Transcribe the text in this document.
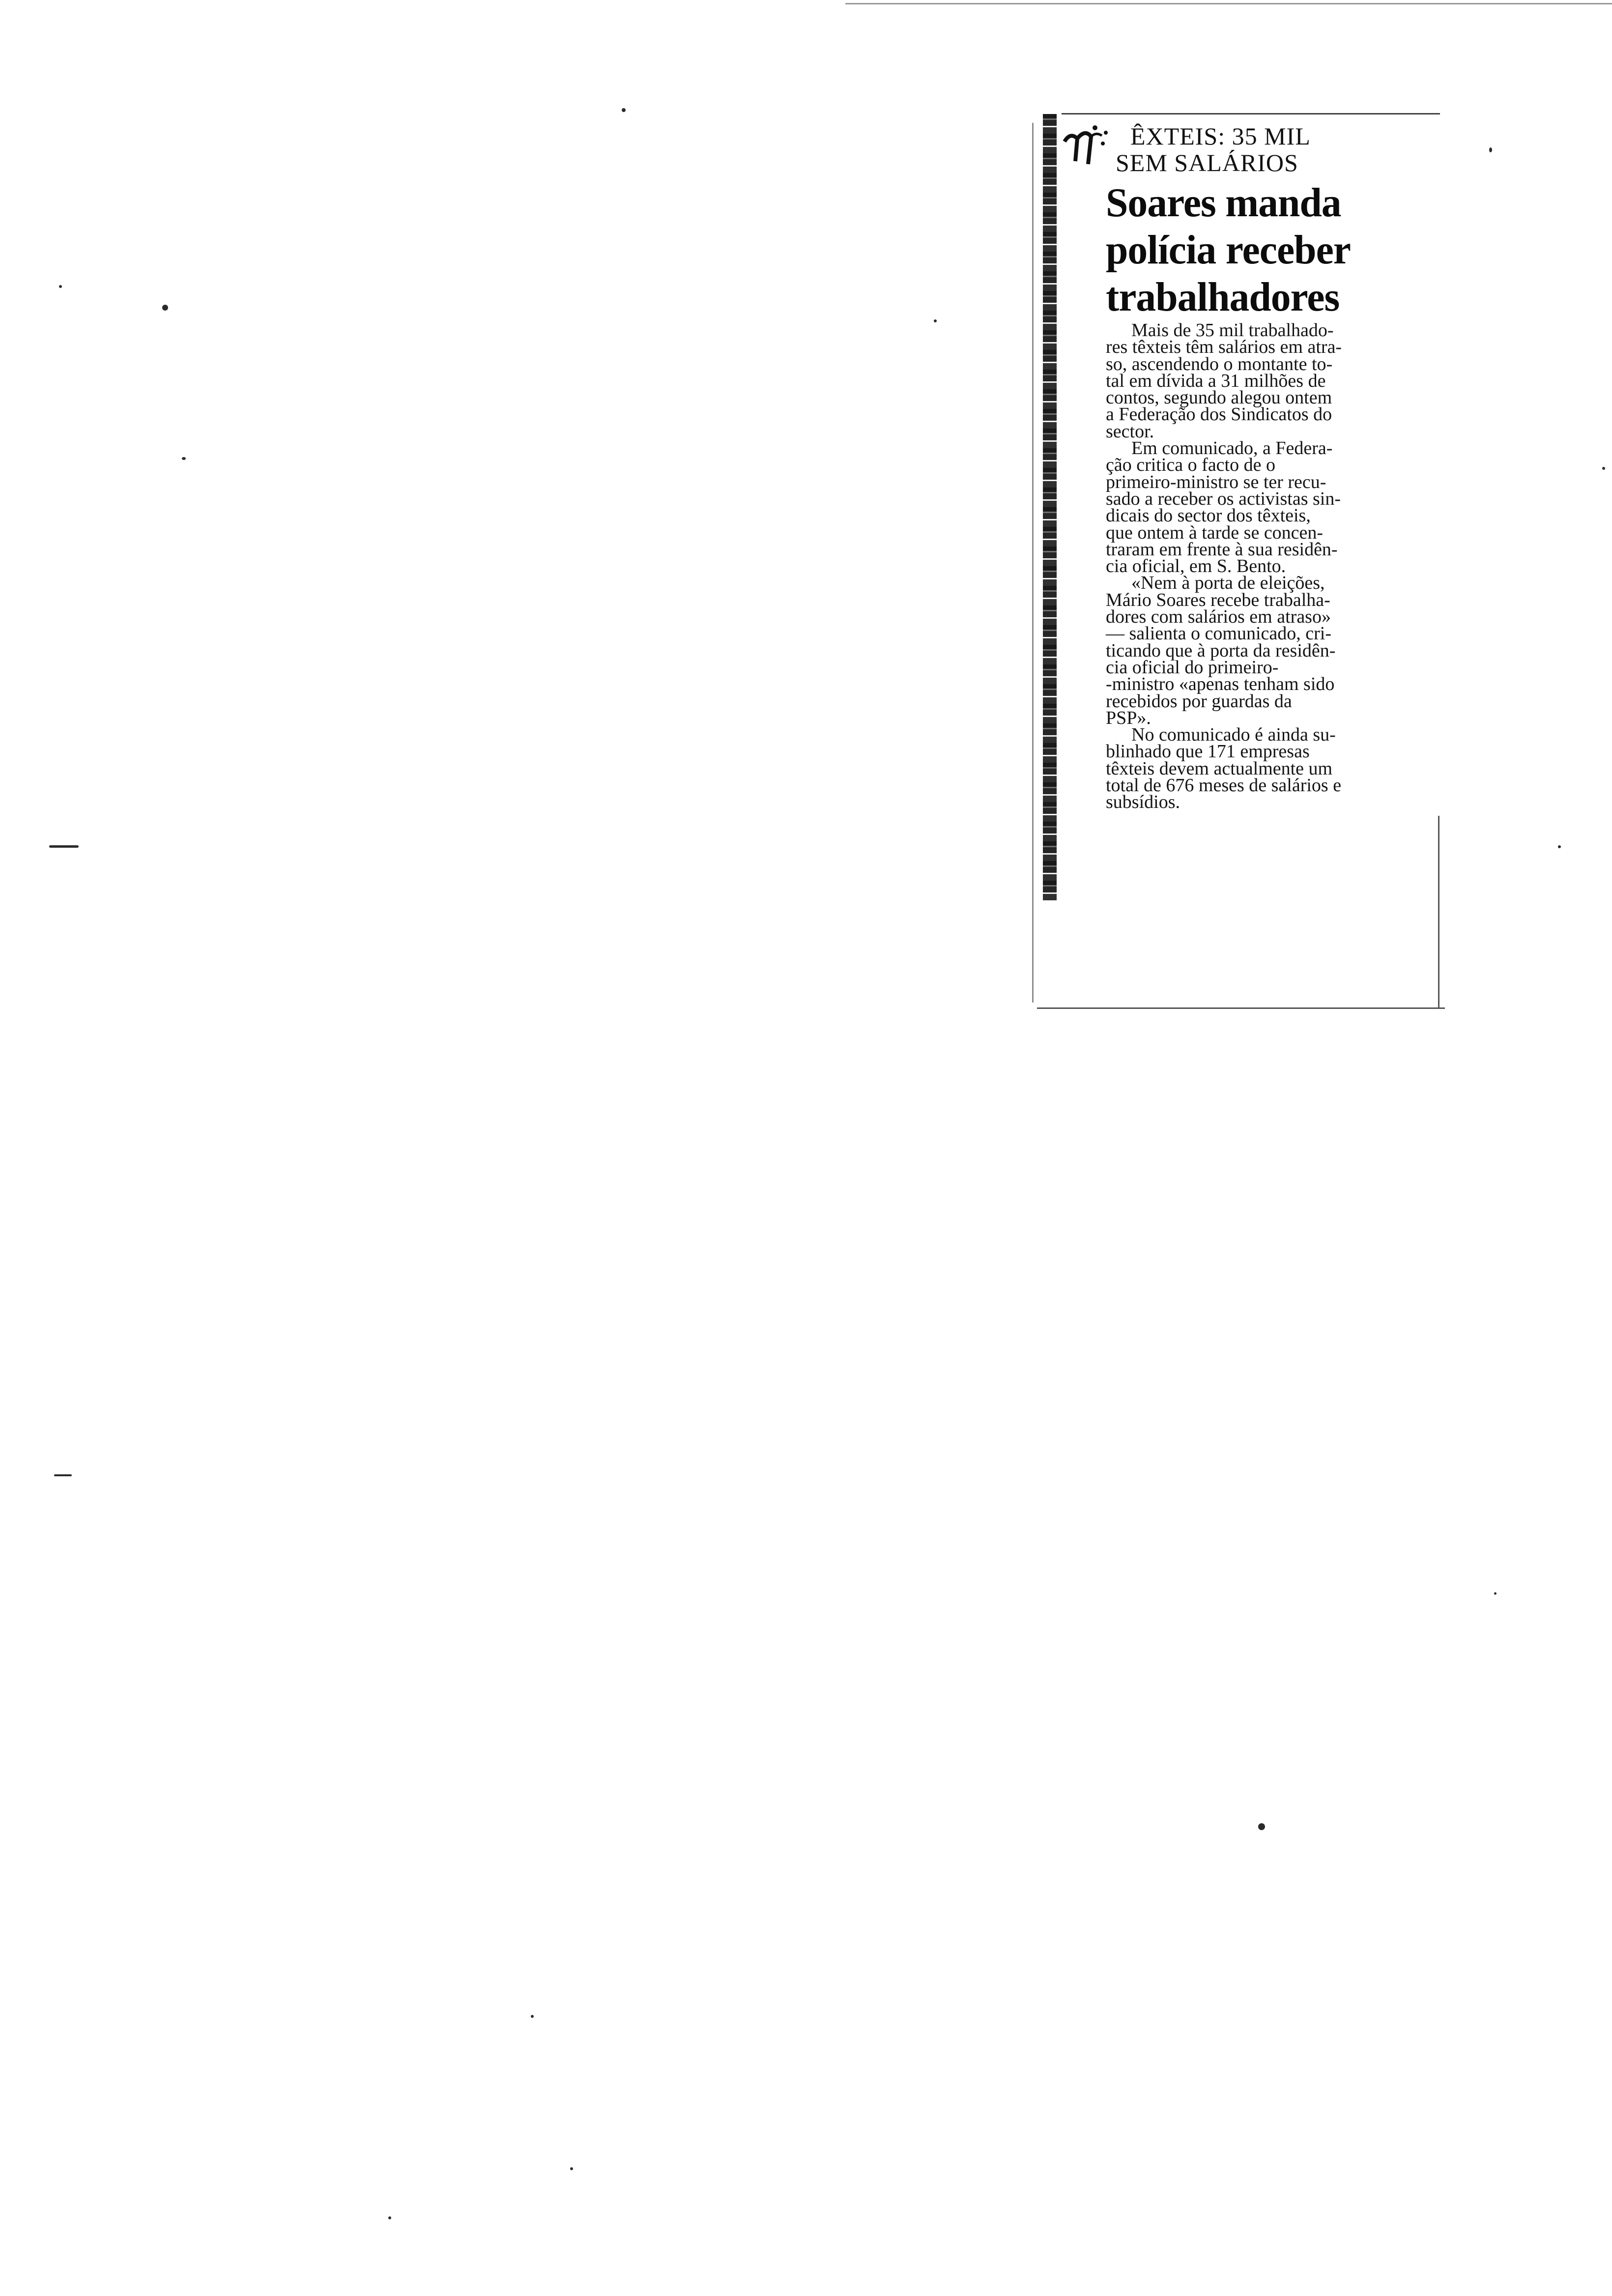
ÊXTEIS: 35 MIL
SEM SALÁRIOS
Soares manda
polícia receber
trabalhadores
Mais de 35 mil trabalhado-
res têxteis têm salários em atra-
so, ascendendo o montante to-
tal em dívida a 31 milhões de
contos, segundo alegou ontem
a Federação dos Sindicatos do
sector.
Em comunicado, a Federa-
ção critica o facto de o
primeiro-ministro se ter recu-
sado a receber os activistas sin-
dicais do sector dos têxteis,
que ontem à tarde se concen-
traram em frente à sua residên-
cia oficial, em S. Bento.
«Nem à porta de eleições,
Mário Soares recebe trabalha-
dores com salários em atraso»
— salienta o comunicado, cri-
ticando que à porta da residên-
cia oficial do primeiro-
-ministro «apenas tenham sido
recebidos por guardas da
PSP».
No comunicado é ainda su-
blinhado que 171 empresas
têxteis devem actualmente um
total de 676 meses de salários e
subsídios.
